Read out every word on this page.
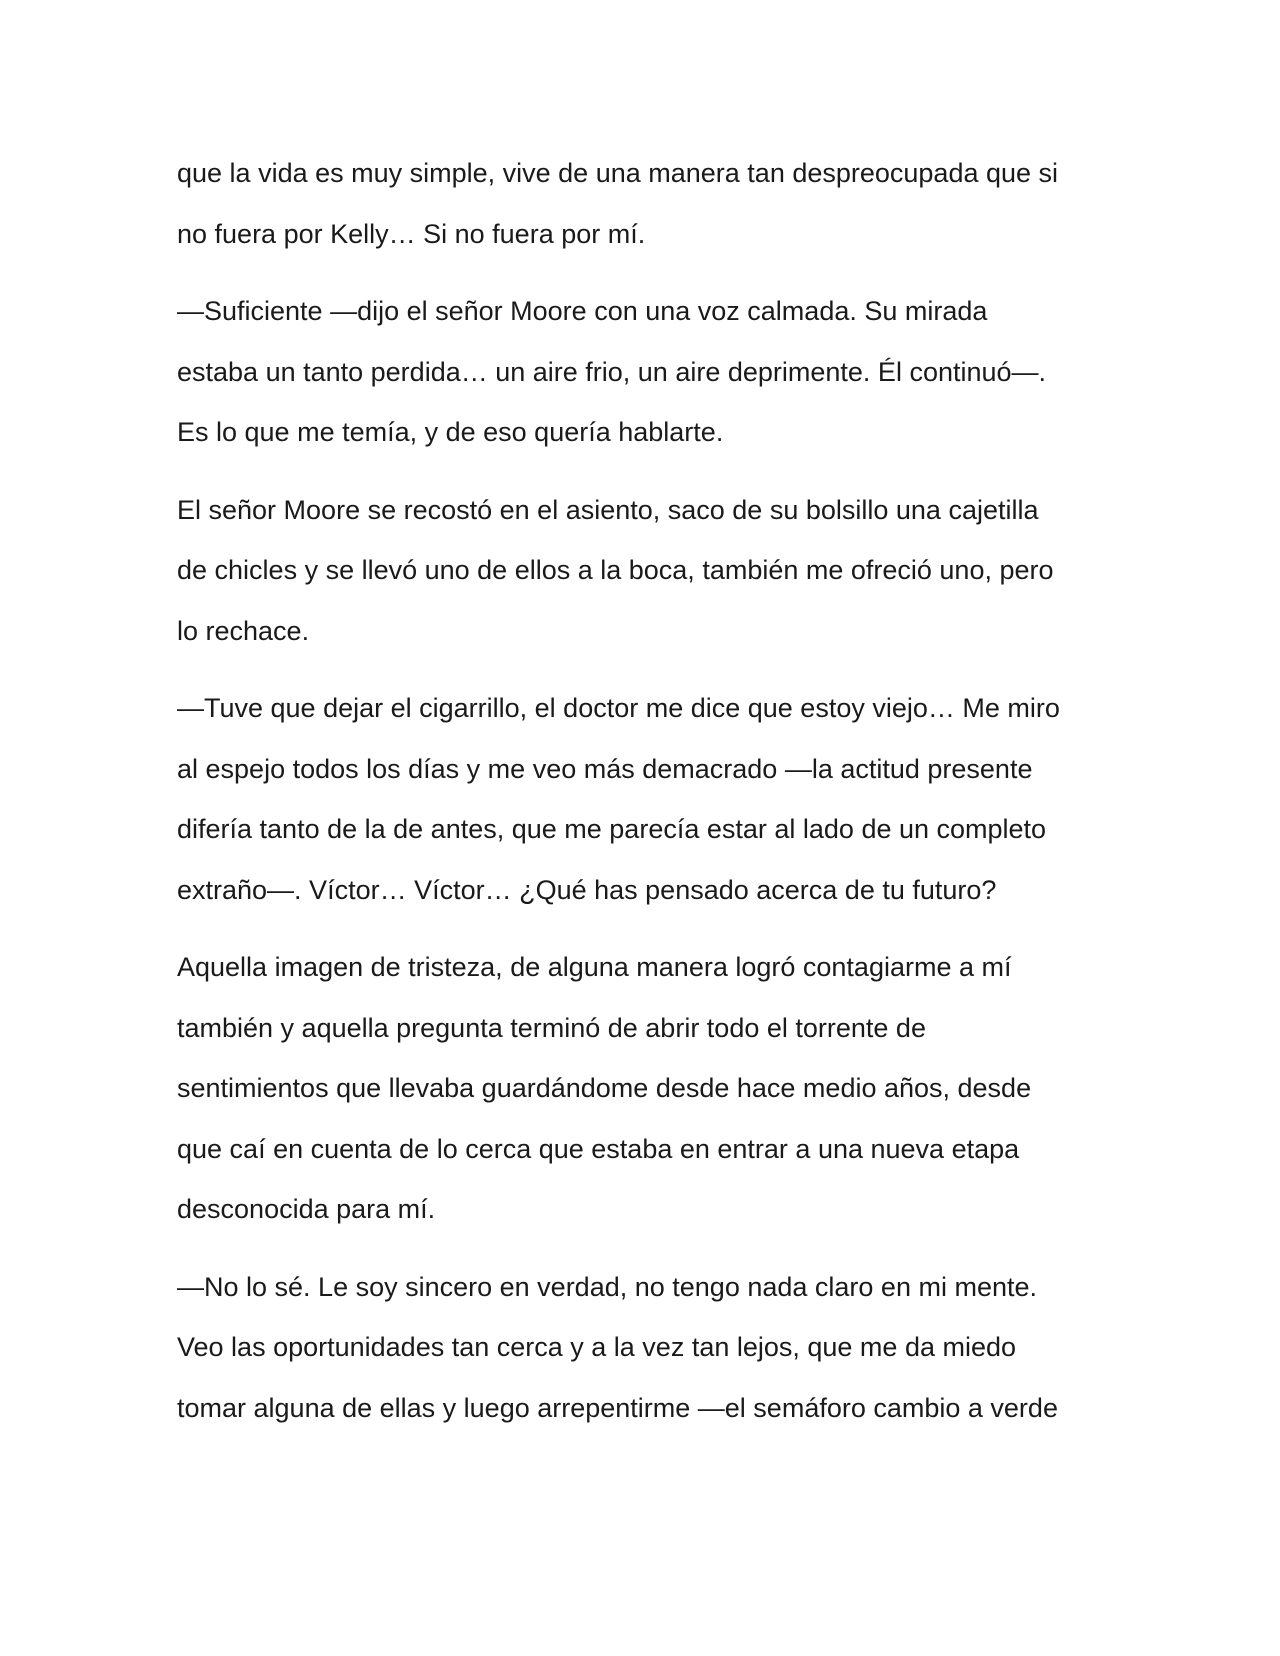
que la vida es muy simple, vive de una manera tan despreocupada que si
no fuera por Kelly… Si no fuera por mí.

—Suficiente —dijo el señor Moore con una voz calmada. Su mirada
estaba un tanto perdida… un aire frio, un aire deprimente. Él continuó—.
Es lo que me temía, y de eso quería hablarte.

El señor Moore se recostó en el asiento, saco de su bolsillo una cajetilla
de chicles y se llevó uno de ellos a la boca, también me ofreció uno, pero
lo rechace.

—Tuve que dejar el cigarrillo, el doctor me dice que estoy viejo… Me miro
al espejo todos los días y me veo más demacrado —la actitud presente
difería tanto de la de antes, que me parecía estar al lado de un completo
extraño—. Víctor… Víctor… ¿Qué has pensado acerca de tu futuro?

Aquella imagen de tristeza, de alguna manera logró contagiarme a mí
también y aquella pregunta terminó de abrir todo el torrente de
sentimientos que llevaba guardándome desde hace medio años, desde
que caí en cuenta de lo cerca que estaba en entrar a una nueva etapa
desconocida para mí.

—No lo sé. Le soy sincero en verdad, no tengo nada claro en mi mente.
Veo las oportunidades tan cerca y a la vez tan lejos, que me da miedo
tomar alguna de ellas y luego arrepentirme —el semáforo cambio a verde
